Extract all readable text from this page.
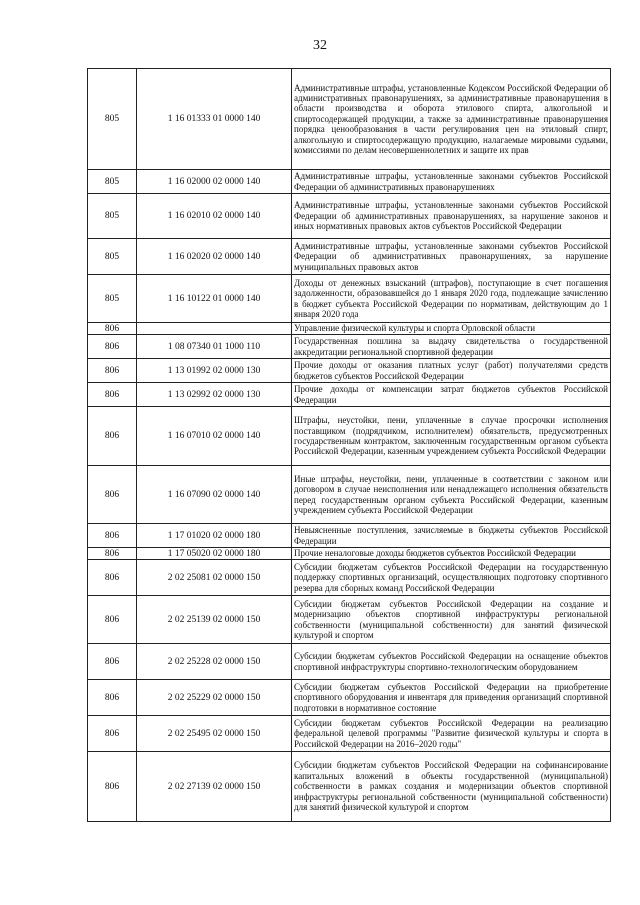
32
805	1 16 01333 01 0000 140	Административные штрафы, установленные Кодексом Российской Федерации об административных правонарушениях, за административные правонарушения в области производства и оборота этилового спирта, алкогольной и спиртосодержащей продукции, а также за административные правонарушения порядка ценообразования в части регулирования цен на этиловый спирт, алкогольную и спиртосодержащую продукцию, налагаемые мировыми судьями, комиссиями по делам несовершеннолетних и защите их прав
805	1 16 02000 02 0000 140	Административные штрафы, установленные законами субъектов Российской Федерации об административных правонарушениях
805	1 16 02010 02 0000 140	Административные штрафы, установленные законами субъектов Российской Федерации об административных правонарушениях, за нарушение законов и иных нормативных правовых актов субъектов Российской Федерации
805	1 16 02020 02 0000 140	Административные штрафы, установленные законами субъектов Российской Федерации об административных правонарушениях, за нарушение муниципальных правовых актов
805	1 16 10122 01 0000 140	Доходы от денежных взысканий (штрафов), поступающие в счет погашения задолженности, образовавшейся до 1 января 2020 года, подлежащие зачислению в бюджет субъекта Российской Федерации по нормативам, действующим до 1 января 2020 года
806		Управление физической культуры и спорта Орловской области
806	1 08 07340 01 1000 110	Государственная пошлина за выдачу свидетельства о государственной аккредитации региональной спортивной федерации
806	1 13 01992 02 0000 130	Прочие доходы от оказания платных услуг (работ) получателями средств бюджетов субъектов Российской Федерации
806	1 13 02992 02 0000 130	Прочие доходы от компенсации затрат бюджетов субъектов Российской Федерации
806	1 16 07010 02 0000 140	Штрафы, неустойки, пени, уплаченные в случае просрочки исполнения поставщиком (подрядчиком, исполнителем) обязательств, предусмотренных государственным контрактом, заключенным государственным органом субъекта Российской Федерации, казенным учреждением субъекта Российской Федерации
806	1 16 07090 02 0000 140	Иные штрафы, неустойки, пени, уплаченные в соответствии с законом или договором в случае неисполнения или ненадлежащего исполнения обязательств перед государственным органом субъекта Российской Федерации, казенным учреждением субъекта Российской Федерации
806	1 17 01020 02 0000 180	Невыясненные поступления, зачисляемые в бюджеты субъектов Российской Федерации
806	1 17 05020 02 0000 180	Прочие неналоговые доходы бюджетов субъектов Российской Федерации
806	2 02 25081 02 0000 150	Субсидии бюджетам субъектов Российской Федерации на государственную поддержку спортивных организаций, осуществляющих подготовку спортивного резерва для сборных команд Российской Федерации
806	2 02 25139 02 0000 150	Субсидии бюджетам субъектов Российской Федерации на создание и модернизацию объектов спортивной инфраструктуры региональной собственности (муниципальной собственности) для занятий физической культурой и спортом
806	2 02 25228 02 0000 150	Субсидии бюджетам субъектов Российской Федерации на оснащение объектов спортивной инфраструктуры спортивно-технологическим оборудованием
806	2 02 25229 02 0000 150	Субсидии бюджетам субъектов Российской Федерации на приобретение спортивного оборудования и инвентаря для приведения организаций спортивной подготовки в нормативное состояние
806	2 02 25495 02 0000 150	Субсидии бюджетам субъектов Российской Федерации на реализацию федеральной целевой программы "Развитие физической культуры и спорта в Российской Федерации на 2016–2020 годы"
806	2 02 27139 02 0000 150	Субсидии бюджетам субъектов Российской Федерации на софинансирование капитальных вложений в объекты государственной (муниципальной) собственности в рамках создания и модернизации объектов спортивной инфраструктуры региональной собственности (муниципальной собственности) для занятий физической культурой и спортом
